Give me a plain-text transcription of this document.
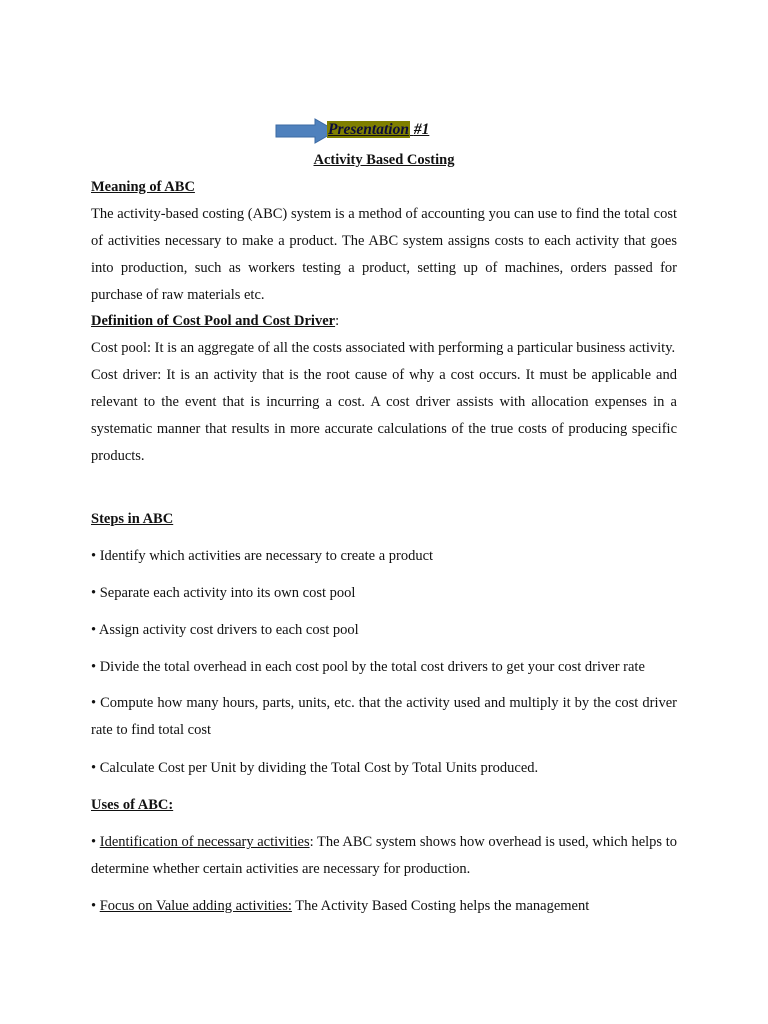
Presentation #1
Activity Based Costing
Meaning of ABC
The activity-based costing (ABC) system is a method of accounting you can use to find the total cost of activities necessary to make a product. The ABC system assigns costs to each activity that goes into production, such as workers testing a product, setting up of machines, orders passed for purchase of raw materials etc.
Definition of Cost Pool and Cost Driver:
Cost pool: It is an aggregate of all the costs associated with performing a particular business activity.
Cost driver: It is an activity that is the root cause of why a cost occurs. It must be applicable and relevant to the event that is incurring a cost. A cost driver assists with allocation expenses in a systematic manner that results in more accurate calculations of the true costs of producing specific products.
Steps in ABC
• Identify which activities are necessary to create a product
• Separate each activity into its own cost pool
• Assign activity cost drivers to each cost pool
• Divide the total overhead in each cost pool by the total cost drivers to get your cost driver rate
• Compute how many hours, parts, units, etc. that the activity used and multiply it by the cost driver rate to find total cost
• Calculate Cost per Unit by dividing the Total Cost by Total Units produced.
Uses of ABC:
• Identification of necessary activities: The ABC system shows how overhead is used, which helps to determine whether certain activities are necessary for production.
• Focus on Value adding activities: The Activity Based Costing helps the management
